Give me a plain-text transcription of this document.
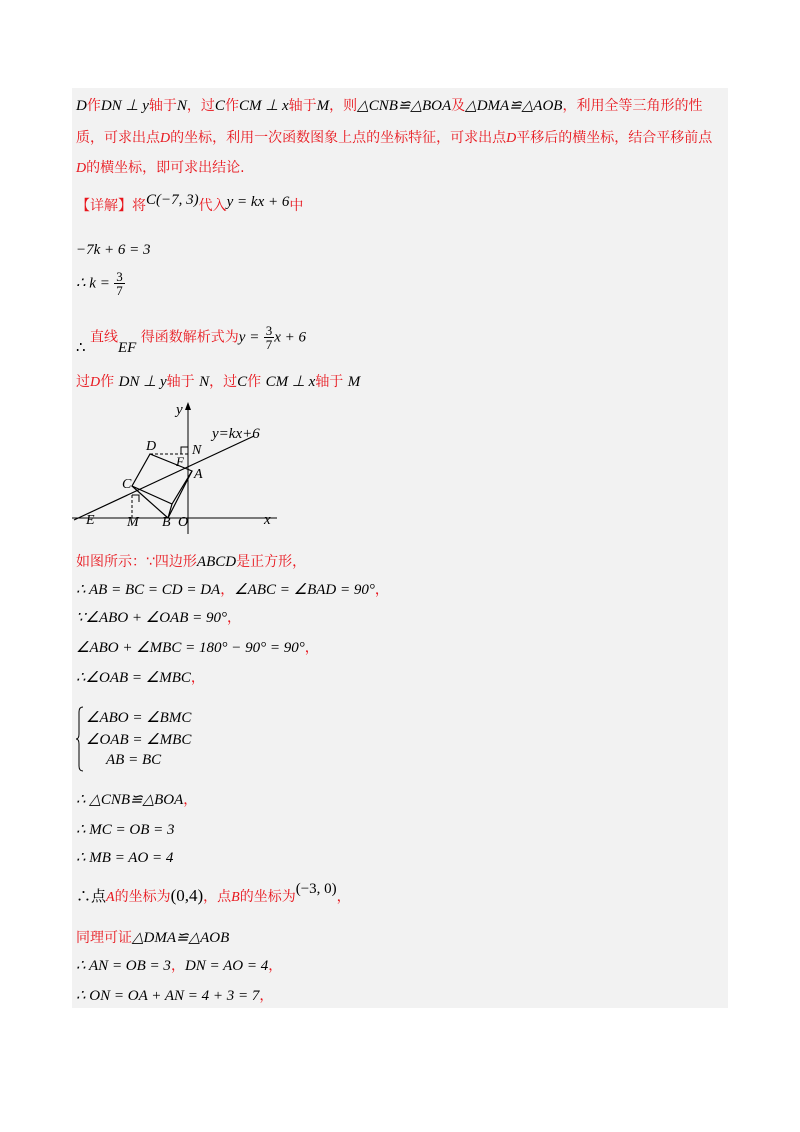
D作DN ⊥ y轴于N，过C作CM ⊥ x轴于M，则△CNB≌△BOA及△DMA≌△AOB，利用全等三角形的性
质，可求出点D的坐标，利用一次函数图象上点的坐标特征，可求出点D平移后的横坐标，结合平移前点
D的横坐标，即可求出结论.
【详解】将C(−7, 3)代入y = kx + 6中
−7k + 6 = 3
∴ $k = \frac{3}{7}$
∴ 直线EF 得函数解析式为$y = \frac{3}{7}$ x + 6
过D作 DN ⊥ y轴于 N，过C作 CM ⊥ x轴于 M
y
x
y=kx+6
D	N
F
A
C
E M B O
如图所示：∵四边形ABCD是正方形，
∴ AB = BC = CD = DA，∠ABC = ∠BAD = 90°，
∵∠ABO + ∠OAB = 90°，
∠ABO + ∠MBC = 180° − 90° = 90°，
∴∠OAB = ∠MBC，
∠ABO = ∠BMC
∠OAB = ∠MBC
AB = BC
∴ △CNB≌△BOA，
∴ MC = OB = 3
∴ MB = AO = 4
∴点A的坐标为(0,4)，点B的坐标为(−3, 0)，
同理可证△DMA≌△AOB
∴ AN = OB = 3，DN = AO = 4，
∴ ON = OA + AN = 4 + 3 = 7，
